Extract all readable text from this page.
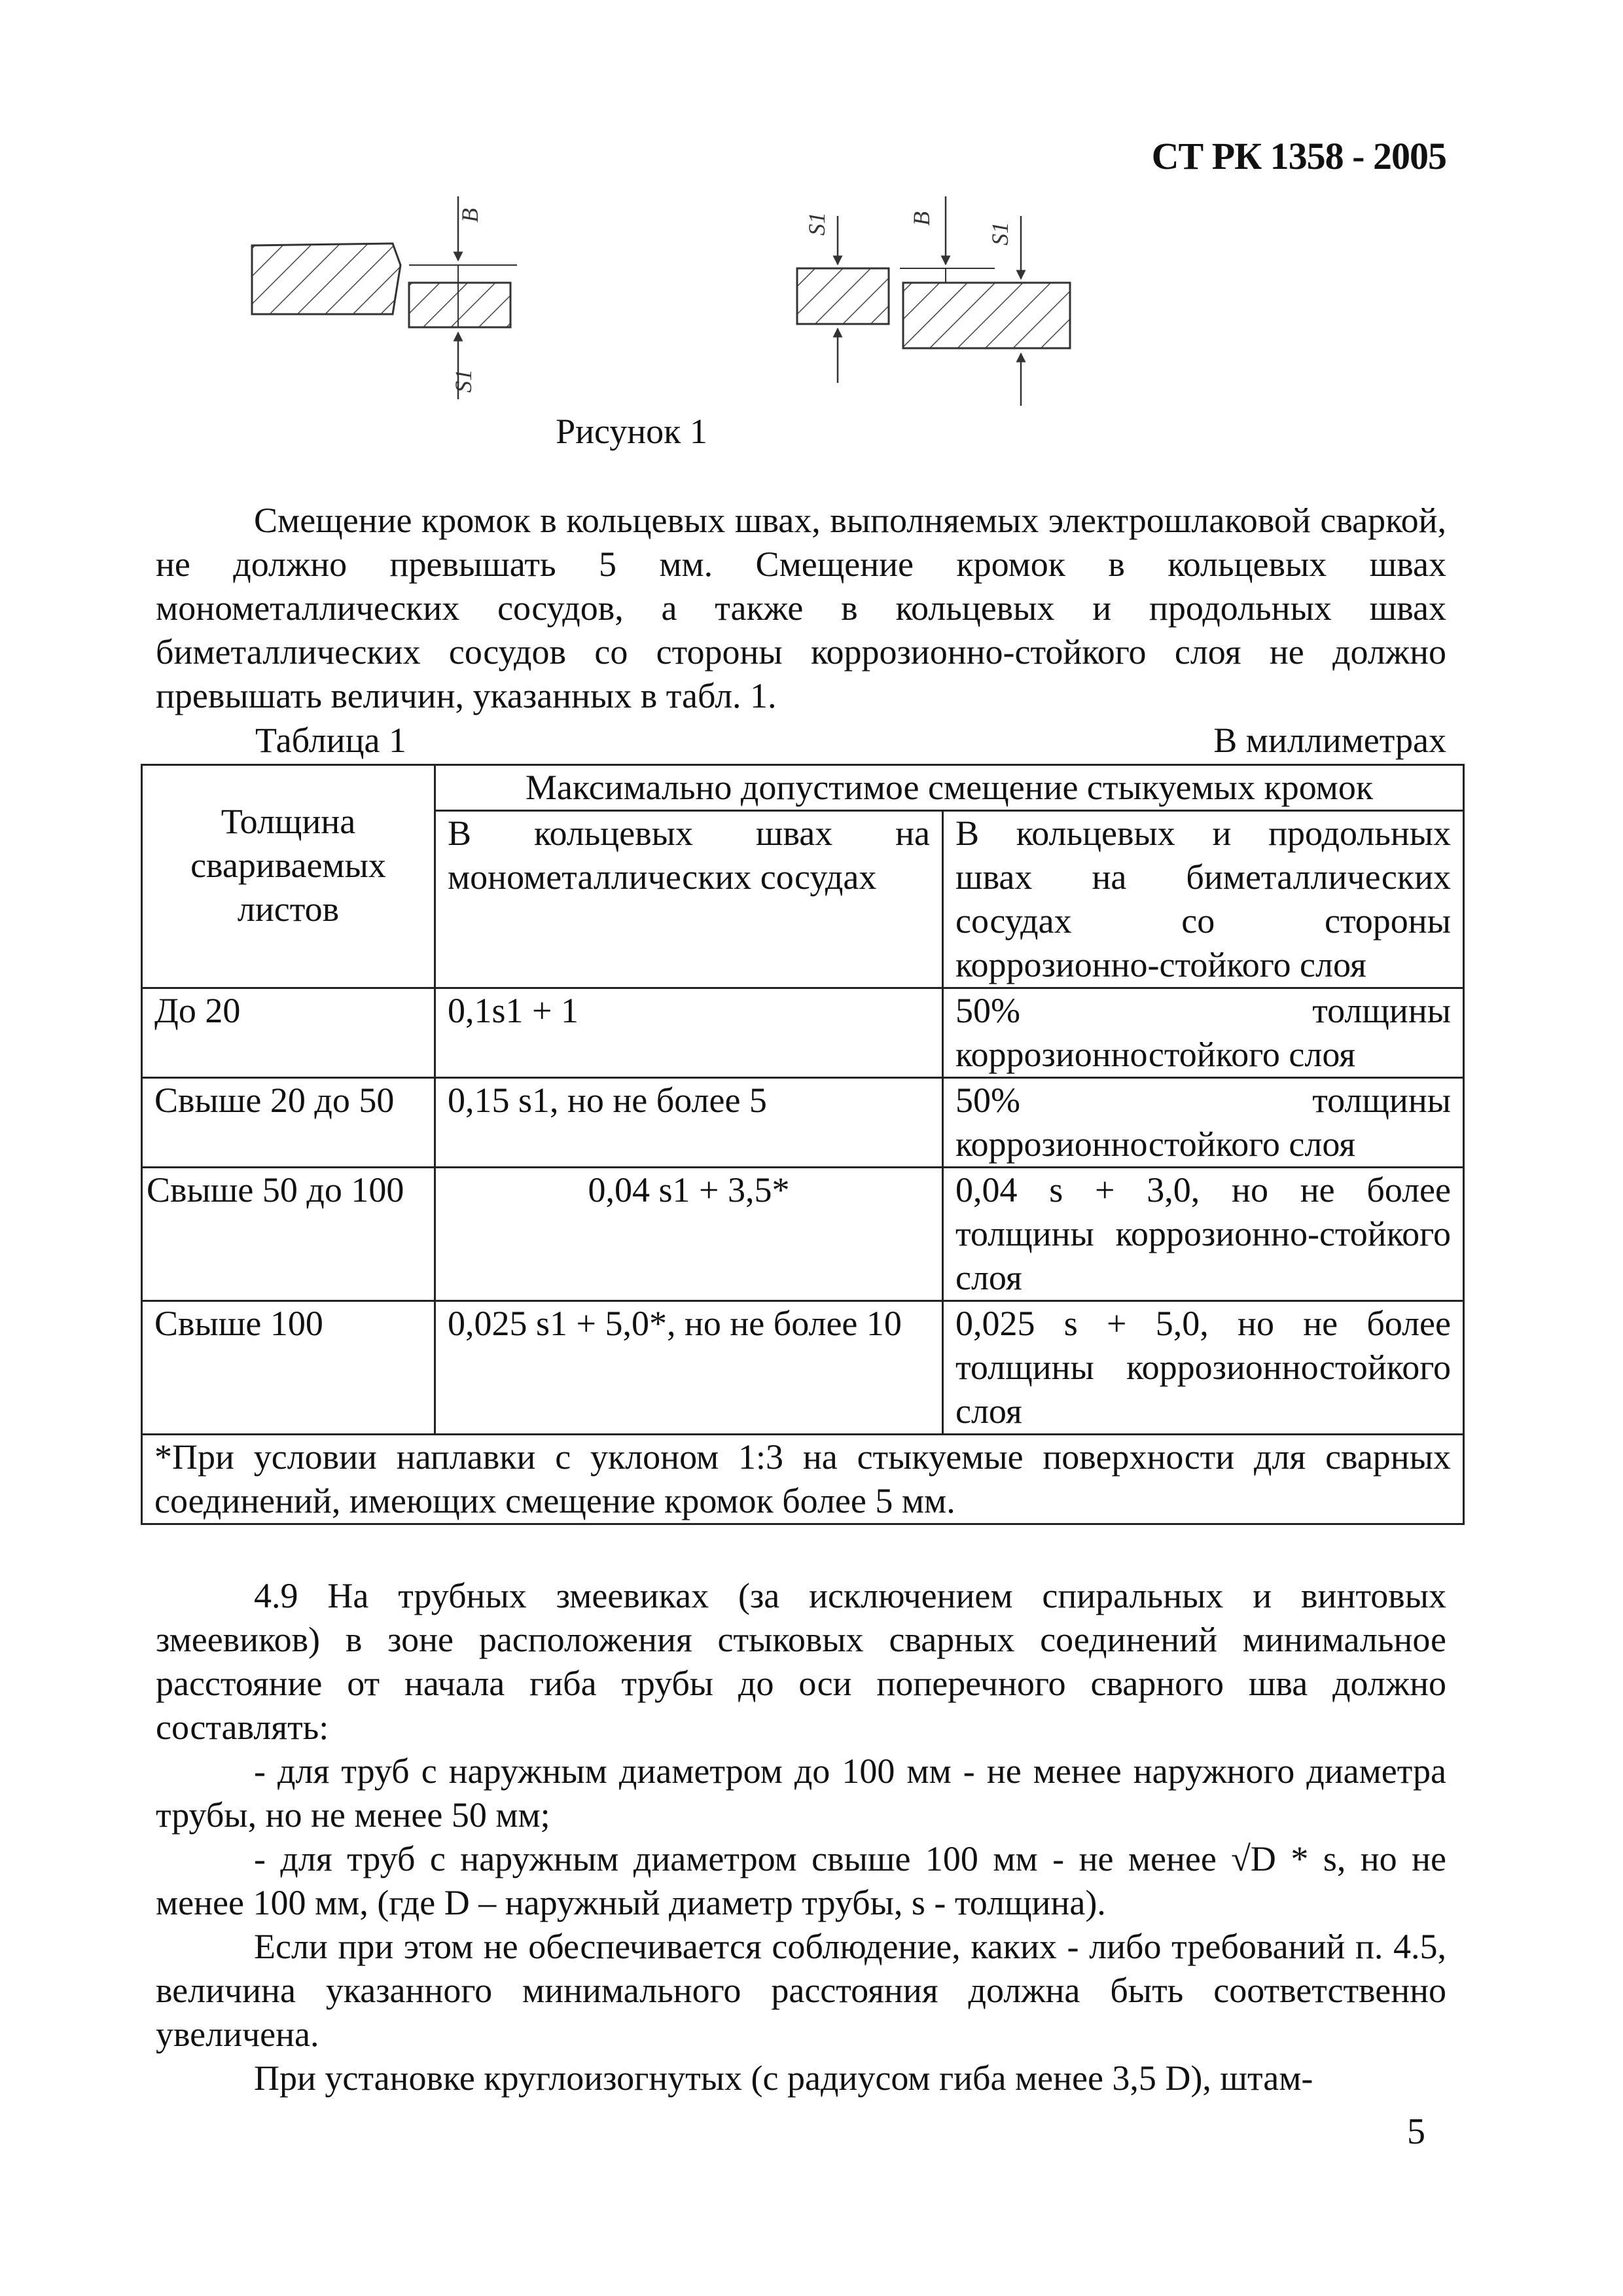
СТ РК 1358 - 2005
B
S1
S1	B
S1
Рисунок 1

Смещение кромок в кольцевых швах, выполняемых электрошлаковой сваркой, не должно превышать 5 мм. Смещение кромок в кольцевых швах монометаллических сосудов, а также в кольцевых и продольных швах биметаллических сосудов со стороны коррозионно-стойкого слоя не должно превышать величин, указанных в табл. 1.

Таблица 1	В миллиметрах
Толщина свариваемых листов	Максимально допустимое смещение стыкуемых кромок	
	В кольцевых швах на монометаллических сосудах	В кольцевых и продольных швах на биметаллических сосудах со стороны коррозионно-стойкого слоя
До 20	0,1s1 + 1	50% толщины коррозионностойкого слоя
Свыше 20 до 50	0,15 s1, но не более 5	50% толщины коррозионностойкого слоя
Свыше 50 до 100	0,04 s1 + 3,5*	0,04 s + 3,0, но не более толщины коррозионно-стойкого слоя
Свыше 100	0,025 s1 + 5,0*, но не более 10	0,025 s + 5,0, но не более толщины коррозионностойкого слоя
*При условии наплавки с уклоном 1:3 на стыкуемые поверхности для сварных соединений, имеющих смещение кромок более 5 мм.		

4.9 На трубных змеевиках (за исключением спиральных и винтовых змеевиков) в зоне расположения стыковых сварных соединений минимальное расстояние от начала гиба трубы до оси поперечного сварного шва должно составлять:

- для труб с наружным диаметром до 100 мм - не менее наружного диаметра трубы, но не менее 50 мм;

- для труб с наружным диаметром свыше 100 мм - не менее √D * s, но не менее 100 мм, (где D – наружный диаметр трубы, s - толщина).

Если при этом не обеспечивается соблюдение, каких - либо требований п. 4.5, величина указанного минимального расстояния должна быть соответственно увеличена.

При установке круглоизогнутых (с радиусом гиба менее 3,5 D), штам-

5
